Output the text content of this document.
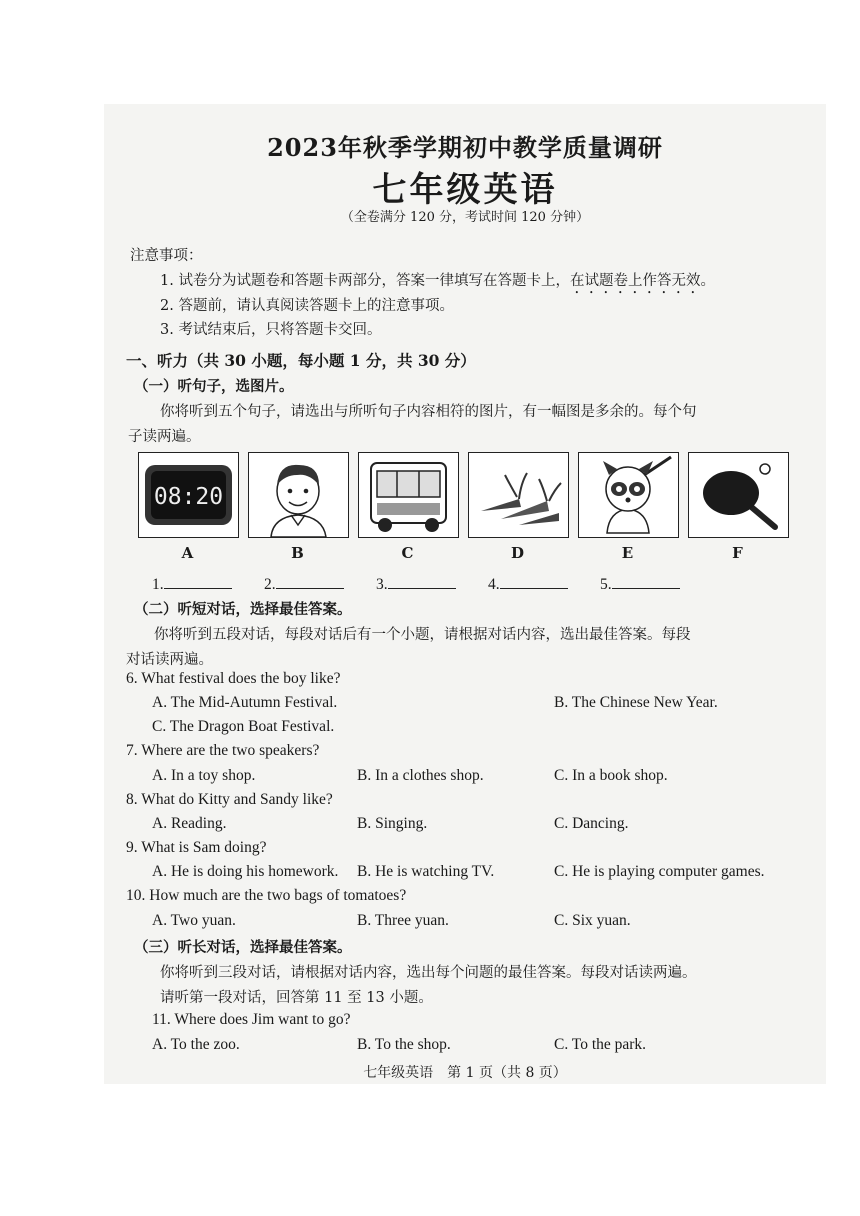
2023年秋季学期初中教学质量调研
七年级英语
（全卷满分 120 分，考试时间 120 分钟）
注意事项：
1. 试卷分为试题卷和答题卡两部分，答案一律填写在答题卡上，在试题卷上作答无效。
2. 答题前，请认真阅读答题卡上的注意事项。
3. 考试结束后，只将答题卡交回。
一、听力（共 30 小题，每小题 1 分，共 30 分）
（一）听句子，选图片。
你将听到五个句子，请选出与所听句子内容相符的图片，有一幅图是多余的。每个句
子读两遍。
08:20
A	B	C	D	E	F
1.	2.	3.	4.	5.
（二）听短对话，选择最佳答案。
你将听到五段对话，每段对话后有一个小题，请根据对话内容，选出最佳答案。每段
对话读两遍。
6. What festival does the boy like?
A. The Mid-Autumn Festival.	B. The Chinese New Year.
C. The Dragon Boat Festival.
7. Where are the two speakers?
A. In a toy shop.	B. In a clothes shop.	C. In a book shop.
8. What do Kitty and Sandy like?
A. Reading.	B. Singing.	C. Dancing.
9. What is Sam doing?
A. He is doing his homework. B. He is watching TV.	C. He is playing computer games.
10. How much are the two bags of tomatoes?
A. Two yuan.	B. Three yuan.	C. Six yuan.
（三）听长对话，选择最佳答案。
你将听到三段对话，请根据对话内容，选出每个问题的最佳答案。每段对话读两遍。
请听第一段对话，回答第 11 至 13 小题。
11. Where does Jim want to go?
A. To the zoo.	B. To the shop.	C. To the park.
七年级英语　第 1 页（共 8 页）
